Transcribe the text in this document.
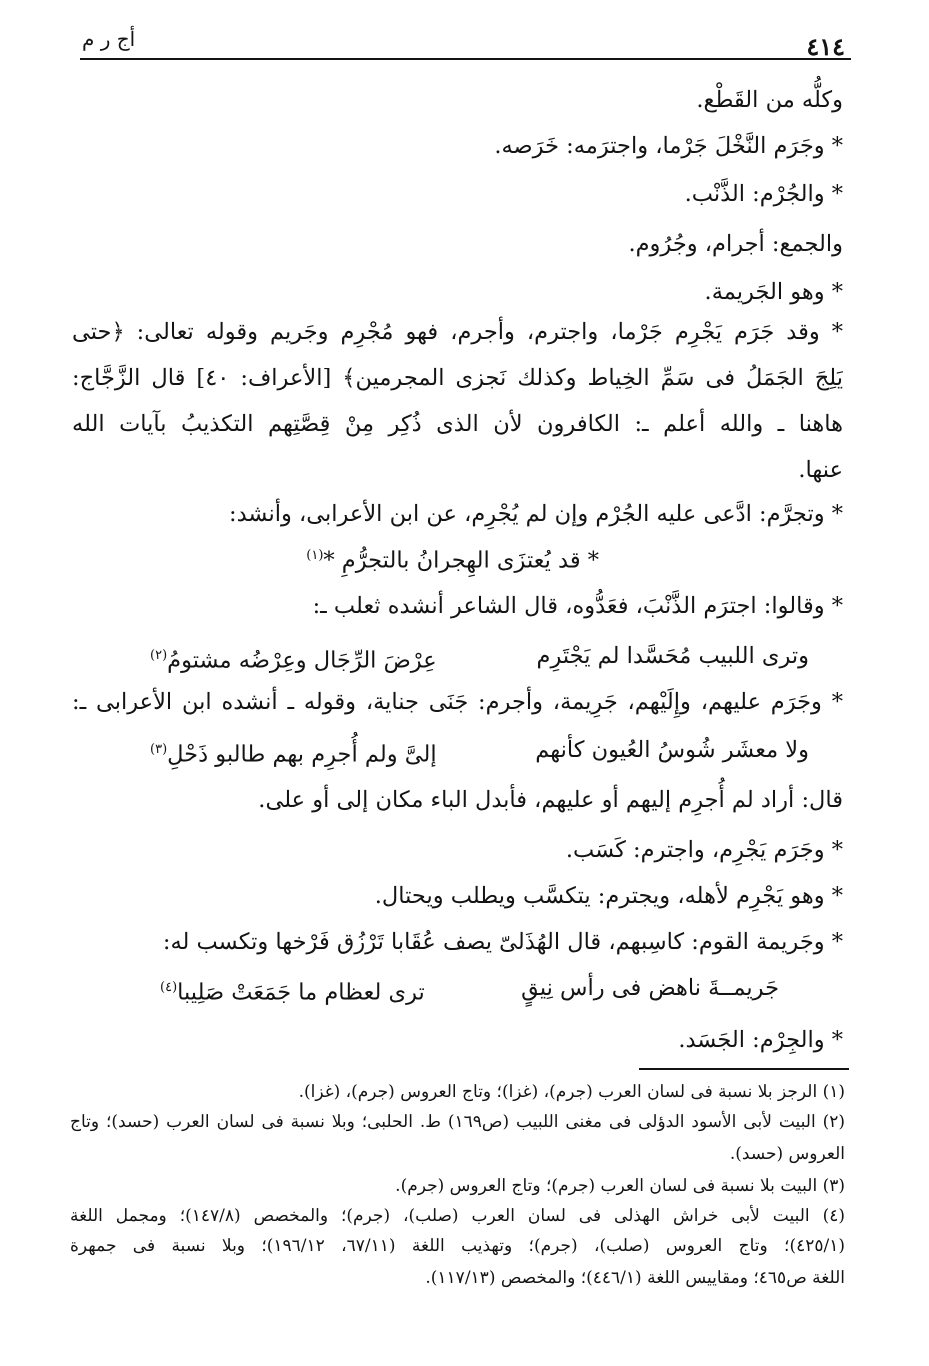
أج ر م	٤١٤
وكلُّه من القَطْع.
* وجَرَم النَّخْلَ جَرْما، واجترَمه: خَرَصه.
* والجُرْم: الذَّنْب.
والجمع: أجرام، وجُرُوم.
* وهو الجَريمة.
* وقد جَرَم يَجْرِم جَرْما، واجترم، وأجرم، فهو مُجْرِم وجَريم وقوله تعالى: ﴿حتى
يَلِجَ الجَمَلُ فى سَمِّ الخِياط وكذلك نَجزى المجرمين﴾ [الأعراف: ٤٠] قال الزَّجَّاج:
هاهنا ـ والله أعلم ـ: الكافرون لأن الذى ذُكِر مِنْ قِصَّتِهم التكذيبُ بآيات الله
عنها.
* وتجرَّم: ادَّعى عليه الجُرْم وإن لم يُجْرِم، عن ابن الأعرابى، وأنشد:
* قد يُعتزَى الهِجرانُ بالتجرُّمِ *$^{(١)}$
* وقالوا: اجترَم الذَّنْبَ، فعَدُّوه، قال الشاعر أنشده ثعلب ـ:
وترى اللبيب مُحَسَّدا لم يَجْتَرِم
عِرْضَ الرِّجَال وعِرْضُه مشتومُ$^{(٢)}$
* وجَرَم عليهم، وإِلَيْهم، جَرِيمة، وأجرم: جَنَى جناية، وقوله ـ أنشده ابن الأعرابى ـ:
ولا معشَر شُوسُ العُيون كأنهم
إلىَّ ولم أُجرِم بهم طالبو ذَحْلِ$^{(٣)}$
قال: أراد لم أُجرِم إليهم أو عليهم، فأبدل الباء مكان إلى أو على.
* وجَرَم يَجْرِم، واجترم: كَسَب.
* وهو يَجْرِم لأهله، ويجترم: يتكسَّب ويطلب ويحتال.
* وجَريمة القوم: كاسِبهم، قال الهُذَلىّ يصف عُقَابا تَرْزُق فَرْخها وتكسب له:
جَريمــةَ ناهض فى رأس نِيقٍ
ترى لعظام ما جَمَعَتْ صَلِيبا$^{(٤)}$
* والجِرْم: الجَسَد.
(١) الرجز بلا نسبة فى لسان العرب (جرم)، (غزا)؛ وتاج العروس (جرم)، (غزا).
(٢) البيت لأبى الأسود الدؤلى فى مغنى اللبيب (ص١٦٩) ط. الحلبى؛ وبلا نسبة فى لسان العرب (حسد)؛ وتاج
العروس (حسد).
(٣) البيت بلا نسبة فى لسان العرب (جرم)؛ وتاج العروس (جرم).
(٤) البيت لأبى خراش الهذلى فى لسان العرب (صلب)، (جرم)؛ والمخصص (١٤٧/٨)؛ ومجمل اللغة
(٤٢٥/١)؛ وتاج العروس (صلب)، (جرم)؛ وتهذيب اللغة (٦٧/١١، ١٩٦/١٢)؛ وبلا نسبة فى جمهرة
اللغة ص٤٦٥؛ ومقاييس اللغة (٤٤٦/١)؛ والمخصص (١١٧/١٣).
